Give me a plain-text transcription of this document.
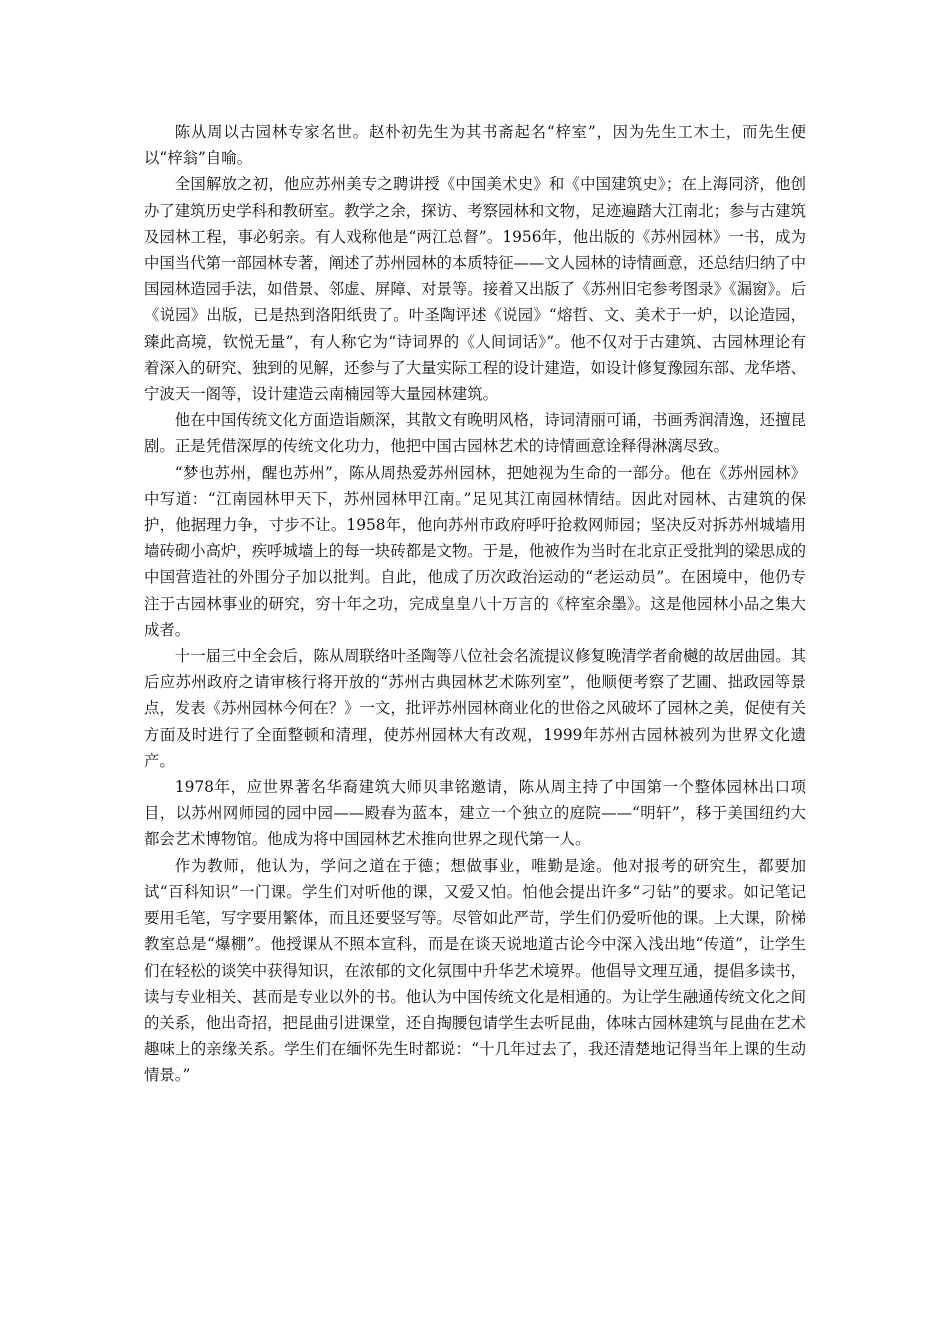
陈从周以古园林专家名世。赵朴初先生为其书斋起名“梓室”，因为先生工木土，而先生便以“梓翁”自喻。

全国解放之初，他应苏州美专之聘讲授《中国美术史》和《中国建筑史》；在上海同济，他创办了建筑历史学科和教研室。教学之余，探访、考察园林和文物，足迹遍踏大江南北；参与古建筑及园林工程，事必躬亲。有人戏称他是“两江总督”。1956年，他出版的《苏州园林》一书，成为中国当代第一部园林专著，阐述了苏州园林的本质特征——文人园林的诗情画意，还总结归纳了中国园林造园手法，如借景、邻虚、屏障、对景等。接着又出版了《苏州旧宅参考图录》《漏窗》。后《说园》出版，已是热到洛阳纸贵了。叶圣陶评述《说园》“熔哲、文、美术于一炉，以论造园，臻此高境，钦悦无量”，有人称它为“诗词界的《人间词话》”。他不仅对于古建筑、古园林理论有着深入的研究、独到的见解，还参与了大量实际工程的设计建造，如设计修复豫园东部、龙华塔、宁波天一阁等，设计建造云南楠园等大量园林建筑。

他在中国传统文化方面造诣颇深，其散文有晚明风格，诗词清丽可诵，书画秀润清逸，还擅昆剧。正是凭借深厚的传统文化功力，他把中国古园林艺术的诗情画意诠释得淋漓尽致。

“梦也苏州，醒也苏州”，陈从周热爱苏州园林，把她视为生命的一部分。他在《苏州园林》中写道：“江南园林甲天下，苏州园林甲江南。”足见其江南园林情结。因此对园林、古建筑的保护，他据理力争，寸步不让。1958年，他向苏州市政府呼吁抢救网师园；坚决反对拆苏州城墙用墙砖砌小高炉，疾呼城墙上的每一块砖都是文物。于是，他被作为当时在北京正受批判的梁思成的中国营造社的外围分子加以批判。自此，他成了历次政治运动的“老运动员”。在困境中，他仍专注于古园林事业的研究，穷十年之功，完成皇皇八十万言的《梓室余墨》。这是他园林小品之集大成者。

十一届三中全会后，陈从周联络叶圣陶等八位社会名流提议修复晚清学者俞樾的故居曲园。其后应苏州政府之请审核行将开放的“苏州古典园林艺术陈列室”，他顺便考察了艺圃、拙政园等景点，发表《苏州园林今何在？》一文，批评苏州园林商业化的世俗之风破坏了园林之美，促使有关方面及时进行了全面整顿和清理，使苏州园林大有改观，1999年苏州古园林被列为世界文化遗产。

1978年，应世界著名华裔建筑大师贝聿铭邀请，陈从周主持了中国第一个整体园林出口项目，以苏州网师园的园中园——殿春为蓝本，建立一个独立的庭院——“明轩”，移于美国纽约大都会艺术博物馆。他成为将中国园林艺术推向世界之现代第一人。

作为教师，他认为，学问之道在于德；想做事业，唯勤是途。他对报考的研究生，都要加试“百科知识”一门课。学生们对听他的课，又爱又怕。怕他会提出许多“刁钻”的要求。如记笔记要用毛笔，写字要用繁体，而且还要竖写等。尽管如此严苛，学生们仍爱听他的课。上大课，阶梯教室总是“爆棚”。他授课从不照本宣科，而是在谈天说地道古论今中深入浅出地“传道”，让学生们在轻松的谈笑中获得知识，在浓郁的文化氛围中升华艺术境界。他倡导文理互通，提倡多读书，读与专业相关、甚而是专业以外的书。他认为中国传统文化是相通的。为让学生融通传统文化之间的关系，他出奇招，把昆曲引进课堂，还自掏腰包请学生去听昆曲，体味古园林建筑与昆曲在艺术趣味上的亲缘关系。学生们在缅怀先生时都说：“十几年过去了，我还清楚地记得当年上课的生动情景。”
